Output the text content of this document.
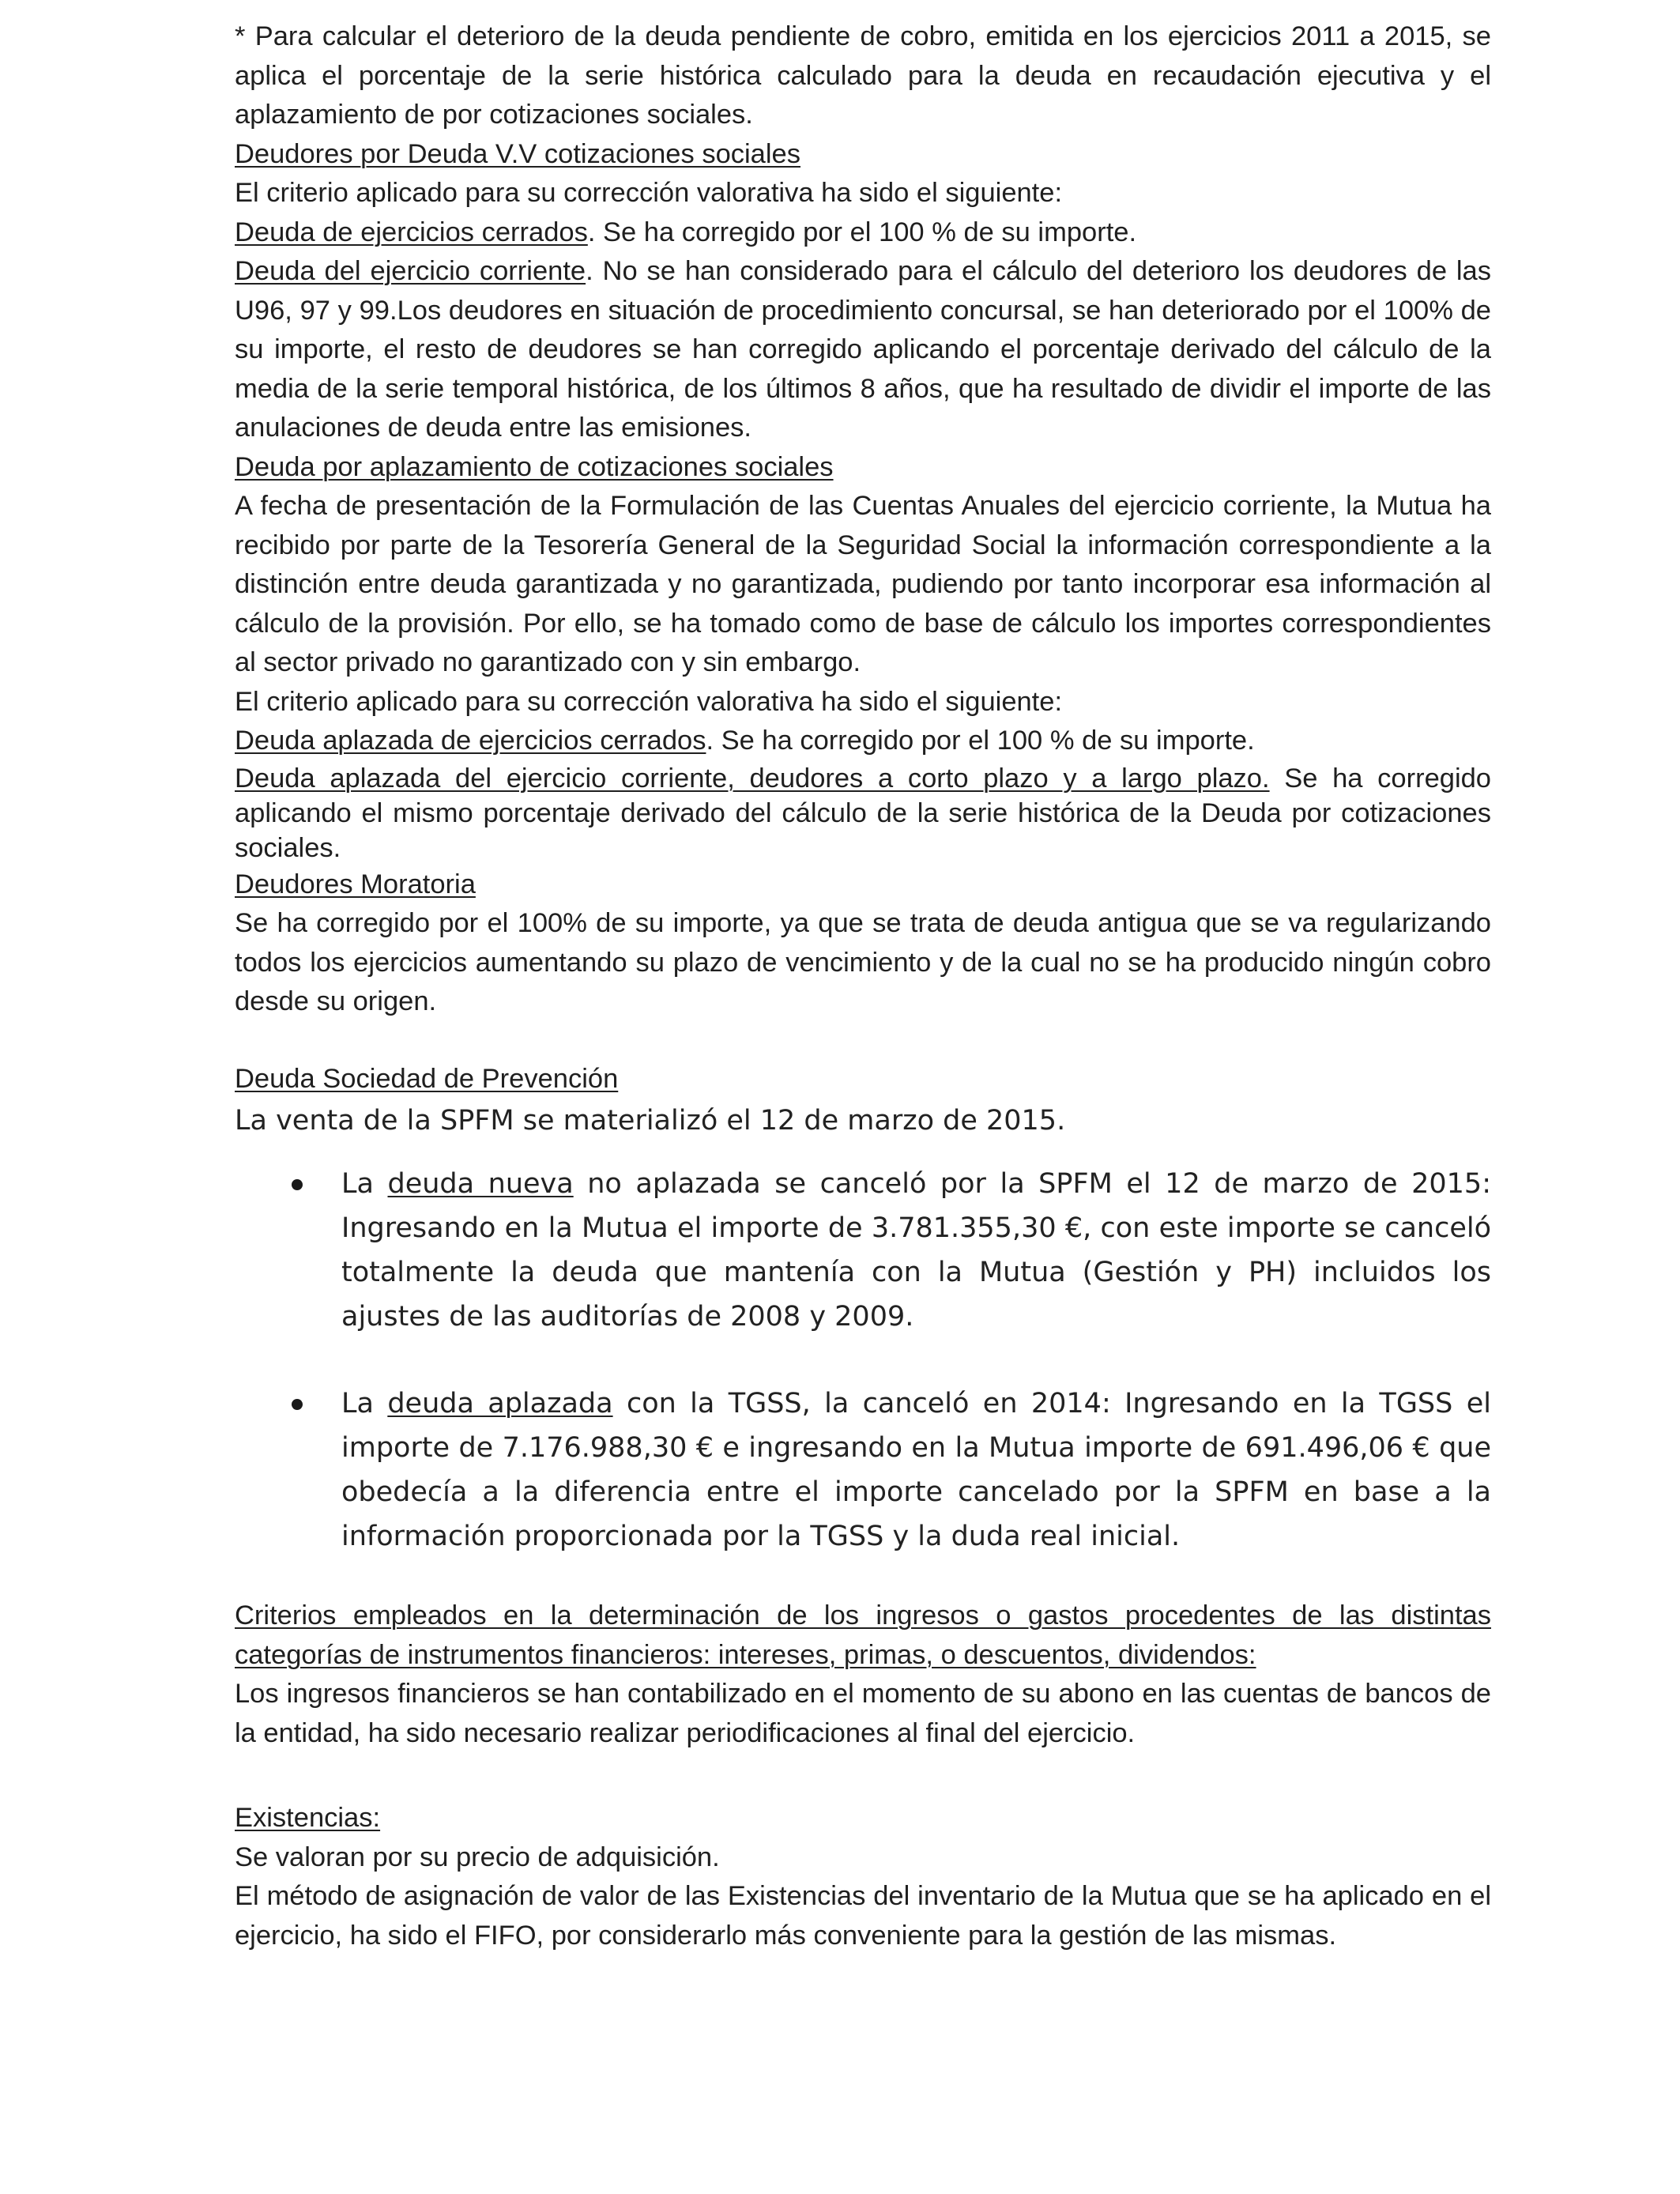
* Para calcular el deterioro de la deuda pendiente de cobro, emitida en los ejercicios 2011 a 2015, se aplica el porcentaje de la serie histórica calculado para la deuda en recaudación ejecutiva y el aplazamiento de por cotizaciones sociales.

Deudores por Deuda V.V cotizaciones sociales

El criterio aplicado para su corrección valorativa ha sido el siguiente:

Deuda de ejercicios cerrados. Se ha corregido por el 100 % de su importe.

Deuda del ejercicio corriente. No se han considerado para el cálculo del deterioro los deudores de las U96, 97 y 99.Los deudores en situación de procedimiento concursal, se han deteriorado por el 100% de su importe, el resto de deudores se han corregido aplicando el porcentaje derivado del cálculo de la media de la serie temporal histórica, de los últimos 8 años, que ha resultado de dividir el importe de las anulaciones de deuda entre las emisiones.

Deuda por aplazamiento de cotizaciones sociales

A fecha de presentación de la Formulación de las Cuentas Anuales del ejercicio corriente, la Mutua ha recibido por parte de la Tesorería General de la Seguridad Social la información correspondiente a la distinción entre deuda garantizada y no garantizada, pudiendo por tanto incorporar esa información al cálculo de la provisión. Por ello, se ha tomado como de base de cálculo los importes correspondientes al sector privado no garantizado con y sin embargo.

El criterio aplicado para su corrección valorativa ha sido el siguiente:

Deuda aplazada de ejercicios cerrados. Se ha corregido por el 100 % de su importe.

Deuda aplazada del ejercicio corriente, deudores a corto plazo y a largo plazo. Se ha corregido aplicando el mismo porcentaje derivado del cálculo de la serie histórica de la Deuda por cotizaciones sociales.

Deudores Moratoria

Se ha corregido por el 100% de su importe, ya que se trata de deuda antigua que se va regularizando todos los ejercicios aumentando su plazo de vencimiento y de la cual no se ha producido ningún cobro desde su origen.

Deuda Sociedad de Prevención

La venta de la SPFM se materializó el 12 de marzo de 2015.

La deuda nueva no aplazada se canceló por la SPFM el 12 de marzo de 2015: Ingresando en la Mutua el importe de 3.781.355,30 €, con este importe se canceló totalmente la deuda que mantenía con la Mutua (Gestión y PH) incluidos los ajustes de las auditorías de 2008 y 2009.

La deuda aplazada con la TGSS, la canceló en 2014: Ingresando en la TGSS el importe de 7.176.988,30 € e ingresando en la Mutua importe de 691.496,06 € que obedecía a la diferencia entre el importe cancelado por la SPFM en base a la información proporcionada por la TGSS y la duda real inicial.

Criterios empleados en la determinación de los ingresos o gastos procedentes de las distintas categorías de instrumentos financieros: intereses, primas, o descuentos, dividendos:

Los ingresos financieros se han contabilizado en el momento de su abono en las cuentas de bancos de la entidad, ha sido necesario realizar periodificaciones al final del ejercicio.

Existencias:

Se valoran por su precio de adquisición.

El método de asignación de valor de las Existencias del inventario de la Mutua que se ha aplicado en el ejercicio, ha sido el FIFO, por considerarlo más conveniente para la gestión de las mismas.
